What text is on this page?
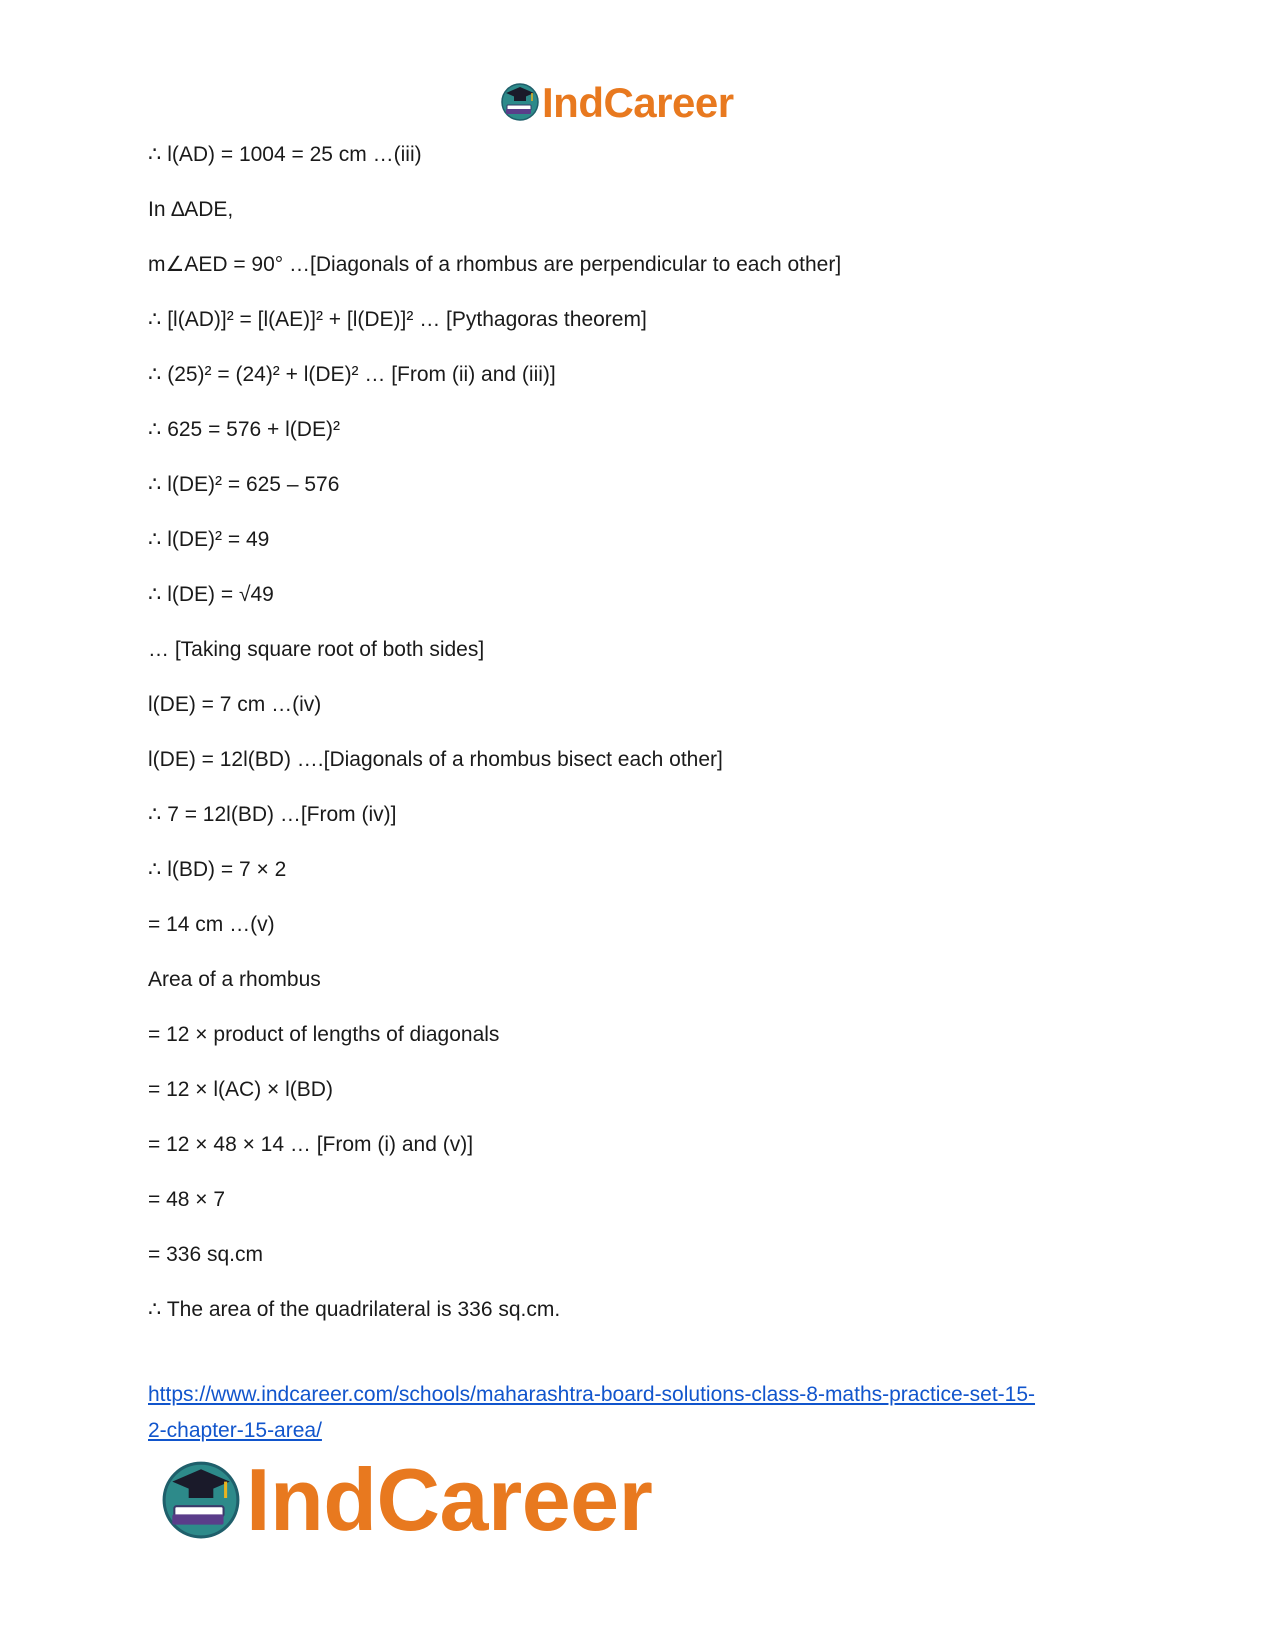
IndCareer
∴ l(AD) = 1004 = 25 cm …(iii)
In ∆ADE,
m∠AED = 90° …[Diagonals of a rhombus are perpendicular to each other]
∴ [l(AD)]² = [l(AE)]² + [l(DE)]² … [Pythagoras theorem]
∴ (25)² = (24)² + l(DE)² … [From (ii) and (iii)]
∴ 625 = 576 + l(DE)²
∴ l(DE)² = 625 – 576
∴ l(DE)² = 49
∴ l(DE) = √49
… [Taking square root of both sides]
l(DE) = 7 cm …(iv)
l(DE) = 12l(BD) ….[Diagonals of a rhombus bisect each other]
∴ 7 = 12l(BD) …[From (iv)]
∴ l(BD) = 7 × 2
= 14 cm …(v)
Area of a rhombus
= 12 × product of lengths of diagonals
= 12 × l(AC) × l(BD)
= 12 × 48 × 14 … [From (i) and (v)]
= 48 × 7
= 336 sq.cm
∴ The area of the quadrilateral is 336 sq.cm.
https://www.indcareer.com/schools/maharashtra-board-solutions-class-8-maths-practice-set-15-
2-chapter-15-area/
IndCareer
